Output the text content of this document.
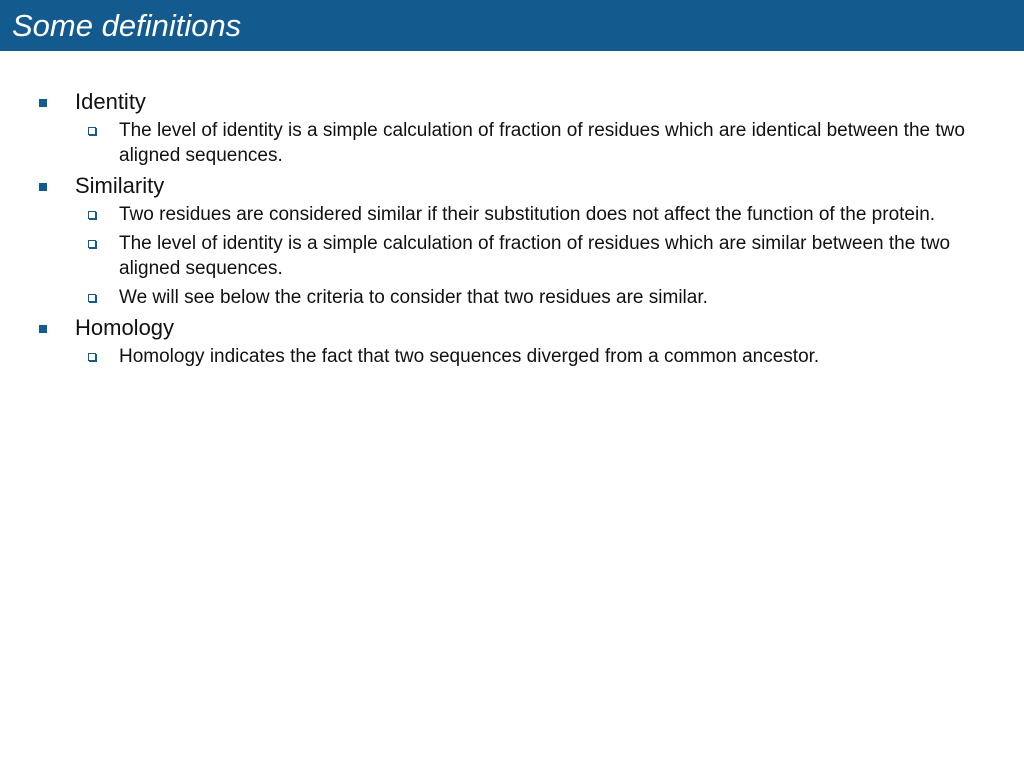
Some definitions
Identity
The level of identity is a simple calculation of fraction of residues which are identical between the two aligned sequences.
Similarity
Two residues are considered similar if their substitution does not affect the function of the protein.
The level of identity is a simple calculation of fraction of residues which are similar between the two aligned sequences.
We will see below the criteria to consider that two residues are similar.
Homology
Homology indicates the fact that two sequences diverged from a common ancestor.
